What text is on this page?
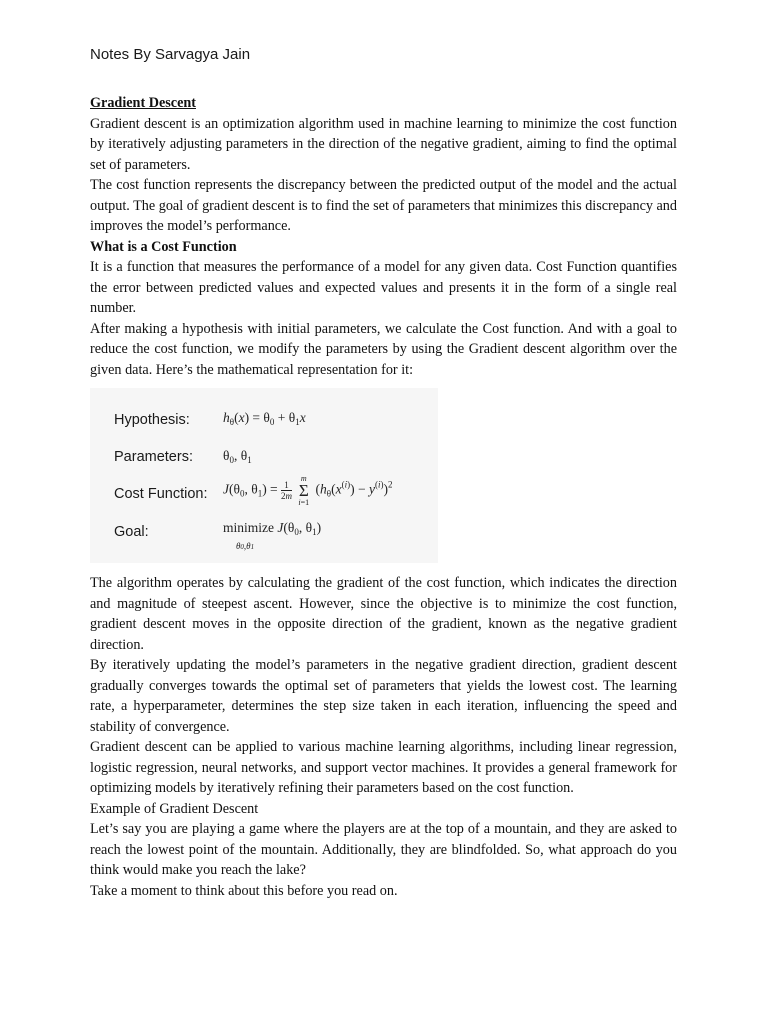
Notes By Sarvagya Jain

Gradient Descent

Gradient descent is an optimization algorithm used in machine learning to minimize the cost function by iteratively adjusting parameters in the direction of the negative gradient, aiming to find the optimal set of parameters.

The cost function represents the discrepancy between the predicted output of the model and the actual output. The goal of gradient descent is to find the set of parameters that minimizes this discrepancy and improves the model’s performance.

What is a Cost Function

It is a function that measures the performance of a model for any given data. Cost Function quantifies the error between predicted values and expected values and presents it in the form of a single real number.

After making a hypothesis with initial parameters, we calculate the Cost function. And with a goal to reduce the cost function, we modify the parameters by using the Gradient descent algorithm over the given data. Here’s the mathematical representation for it:

Hypothesis: $h_\theta(x) = \theta_0 + \theta_1x$
Parameters: $\theta_0$, $\theta_1$
Cost Function: $J(\theta_0$, $\theta_1) = \frac{1}{2m}$

m
Σ
i=1
$(h_\theta(x^{(i)}) - y^{(i)})^2$
Goal:	minimize $J(\theta_0$, $\theta_1$)
θ0,θ1

The algorithm operates by calculating the gradient of the cost function, which indicates the direction and magnitude of steepest ascent. However, since the objective is to minimize the cost function, gradient descent moves in the opposite direction of the gradient, known as the negative gradient direction.

By iteratively updating the model’s parameters in the negative gradient direction, gradient descent gradually converges towards the optimal set of parameters that yields the lowest cost. The learning rate, a hyperparameter, determines the step size taken in each iteration, influencing the speed and stability of convergence.

Gradient descent can be applied to various machine learning algorithms, including linear regression, logistic regression, neural networks, and support vector machines. It provides a general framework for optimizing models by iteratively refining their parameters based on the cost function.

Example of Gradient Descent

Let’s say you are playing a game where the players are at the top of a mountain, and they are asked to reach the lowest point of the mountain. Additionally, they are blindfolded. So, what approach do you think would make you reach the lake?

Take a moment to think about this before you read on.
